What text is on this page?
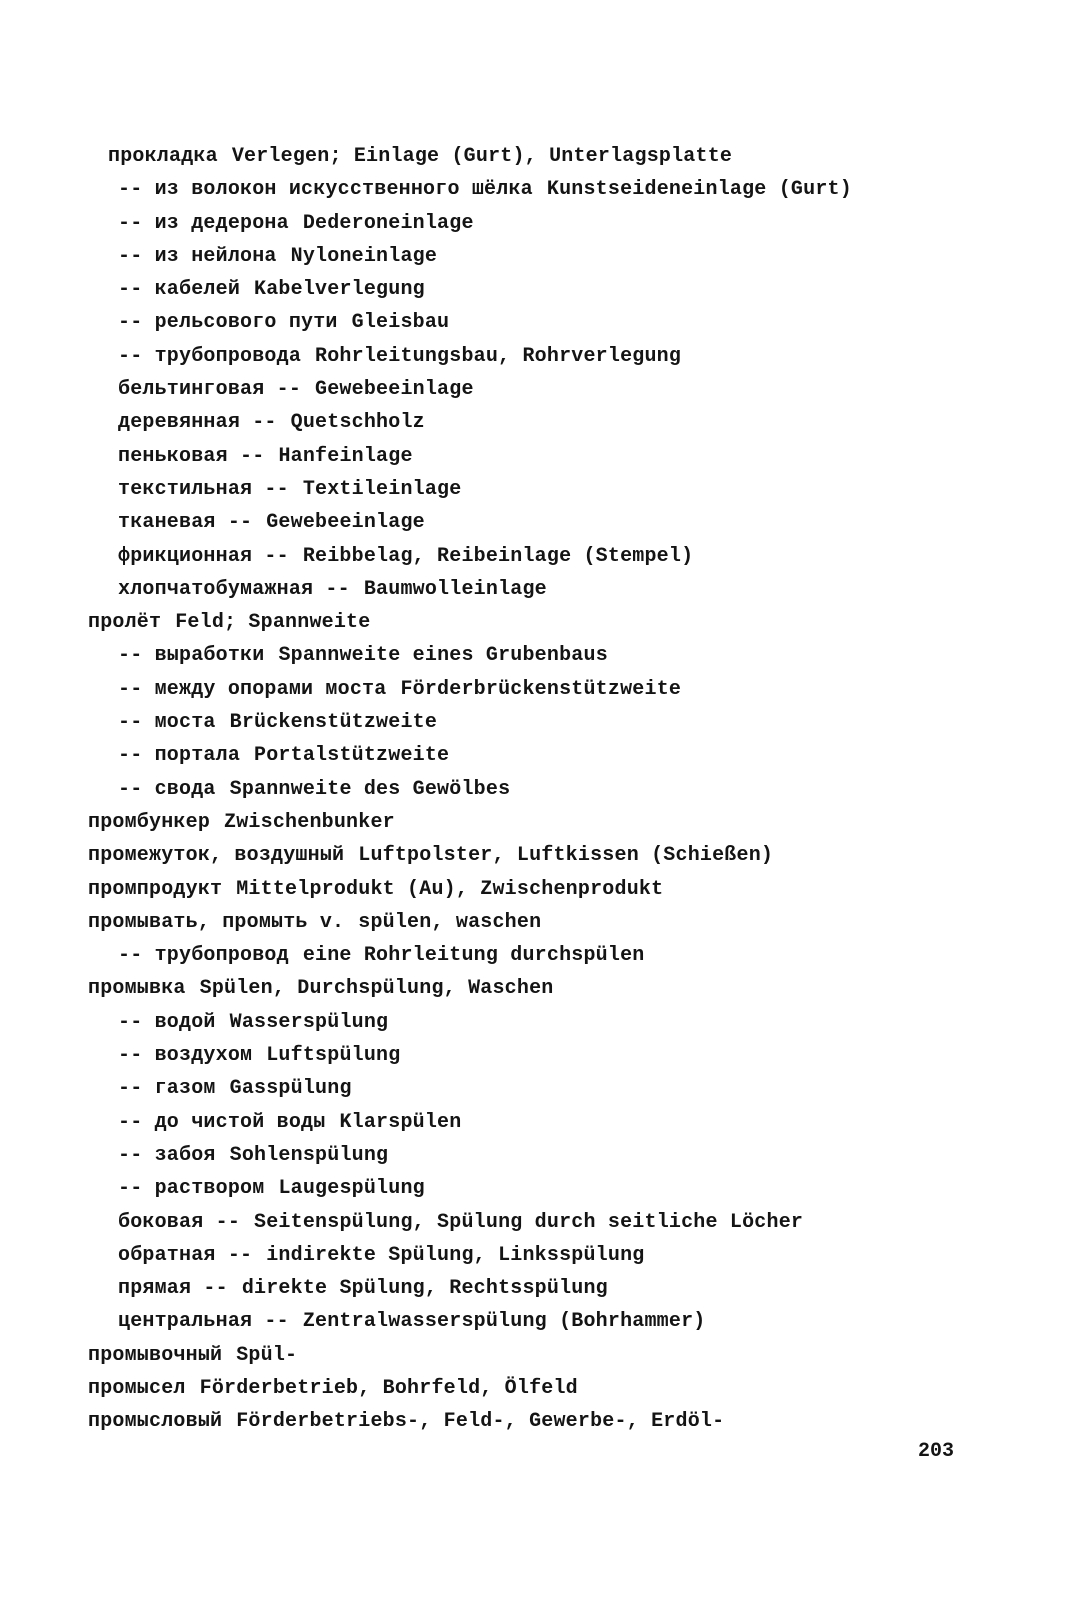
прокладка Verlegen; Einlage (Gurt), Unterlagsplatte
-- из волокон искусственного шёлка Kunstseideneinlage (Gurt)
-- из дедерона Dederoneinlage
-- из нейлона Nyloneinlage
-- кабелей Kabelverlegung
-- рельсового пути Gleisbau
-- трубопровода Rohrleitungsbau, Rohrverlegung
бельтинговая -- Gewebeeinlage
деревянная -- Quetschholz
пеньковая -- Hanfeinlage
текстильная -- Textileinlage
тканевая -- Gewebeeinlage
фрикционная -- Reibbelag, Reibeinlage (Stempel)
хлопчатобумажная -- Baumwolleinlage
пролёт Feld; Spannweite
-- выработки Spannweite eines Grubenbaus
-- между опорами моста Förderbrückenstützweite
-- моста Brückenstützweite
-- портала Portalstützweite
-- свода Spannweite des Gewölbes
промбункер Zwischenbunker
промежуток, воздушный Luftpolster, Luftkissen (Schießen)
промпродукт Mittelprodukt (Au), Zwischenprodukt
промывать, промыть v. spülen, waschen
-- трубопровод eine Rohrleitung durchspülen
промывка Spülen, Durchspülung, Waschen
-- водой Wasserspülung
-- воздухом Luftspülung
-- газом Gasspülung
-- до чистой воды Klarspülen
-- забоя Sohlenspülung
-- раствором Laugespülung
боковая -- Seitenspülung, Spülung durch seitliche Löcher
обратная -- indirekte Spülung, Linksspülung
прямая -- direkte Spülung, Rechtsspülung
центральная -- Zentralwasserspülung (Bohrhammer)
промывочный Spül-
промысел Förderbetrieb, Bohrfeld, Ölfeld
промысловый Förderbetriebs-, Feld-, Gewerbe-, Erdöl-
203
